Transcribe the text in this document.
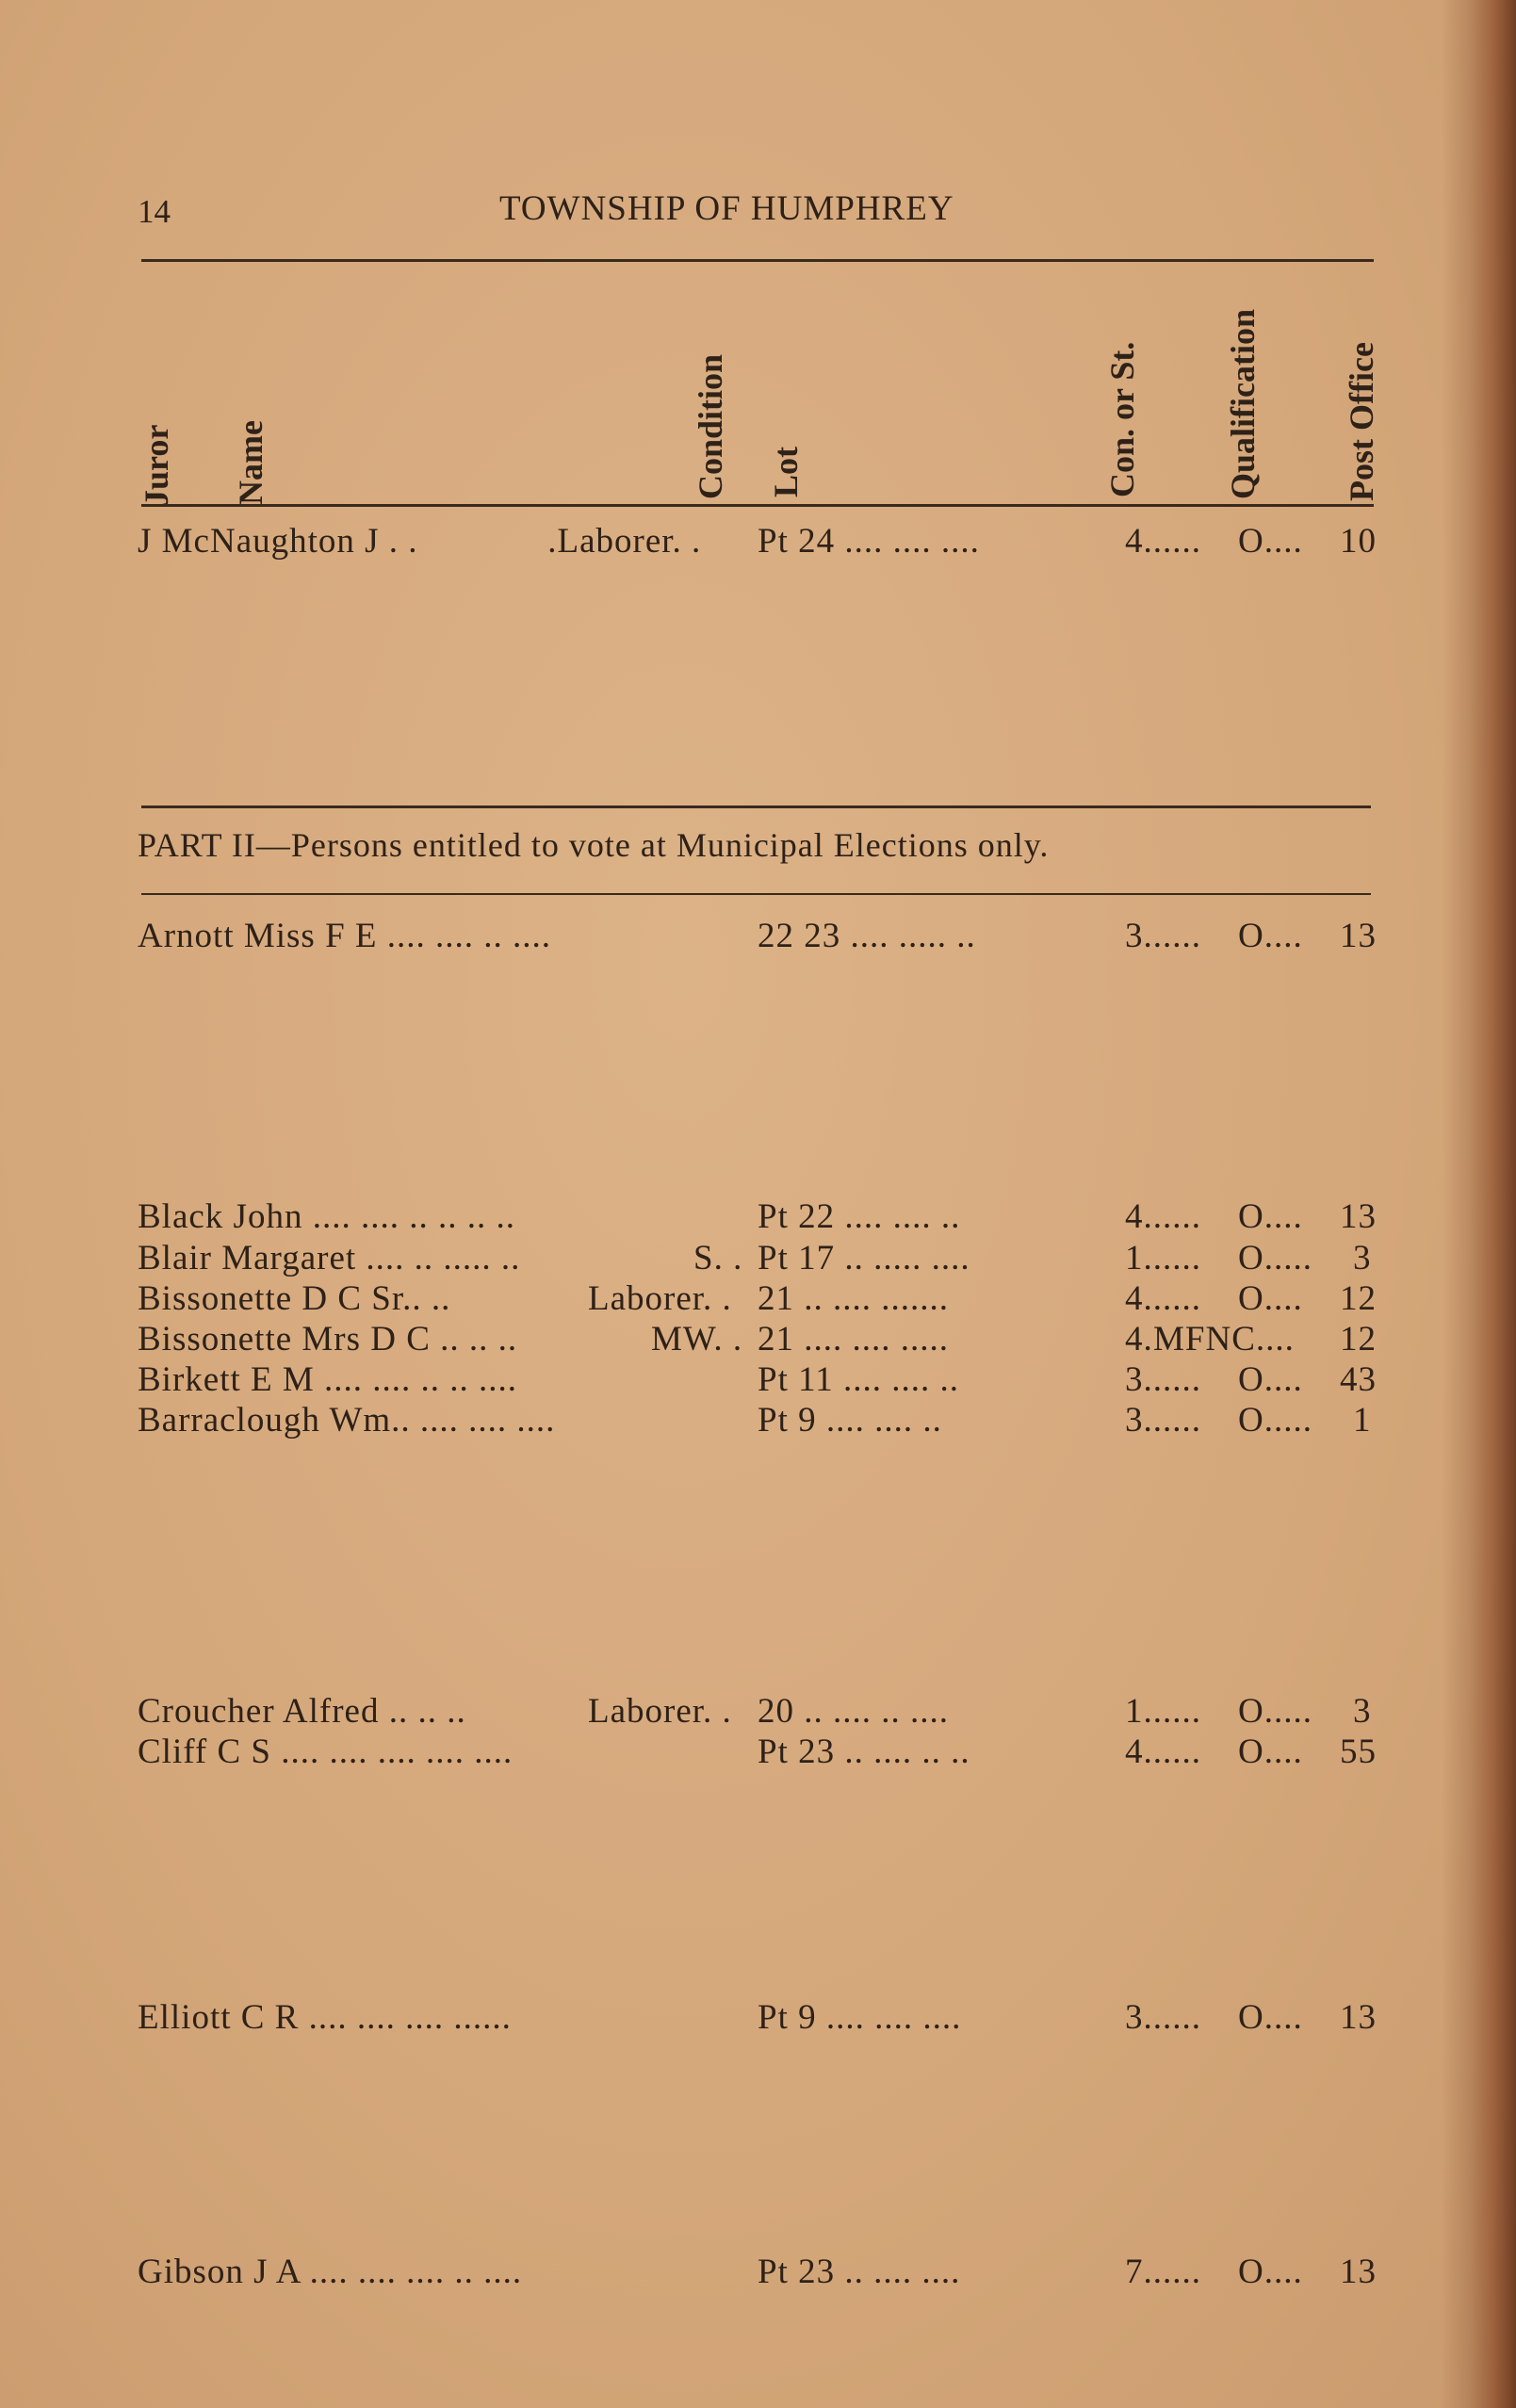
14	TOWNSHIP OF HUMPHREY
Juror Name	Condition Lot	Con. or St. Qualification Post Office
J McNaughton J . .	.Laborer. . Pt 24 .... .... ....	4...... O.... 10
PART II—Persons entitled to vote at Municipal Elections only.
Arnott Miss F E .... .... .. ....	22 23 .... ..... ..	3...... O.... 13
Black John .... .... .. .. .. ..	Pt 22 .... .... ..	4...... O.... 13
Blair Margaret .... .. ..... ..	S. . Pt 17 .. ..... ....	1...... O..... 3
Bissonette D C Sr.. ..	Laborer. . 21 .. .... .......	4...... O.... 12
Bissonette Mrs D C .. .. ..	MW. . 21 .... .... .....	4. MFNC.... 12
Birkett E M .... .... .. .. ....	Pt 11 .... .... ..	3...... O.... 43
Barraclough Wm.. .... .... ....	Pt 9 .... .... ..	3...... O..... 1
Croucher Alfred .. .. ..	Laborer. . 20 .. .... .. ....	1...... O..... 3
Cliff C S .... .... .... .... ....	Pt 23 .. .... .. ..	4...... O.... 55
Elliott C R .... .... .... ......	Pt 9 .... .... ....	3...... O.... 13
Gibson J A .... .... .... .. ....	Pt 23 .. .... ....	7...... O.... 13
